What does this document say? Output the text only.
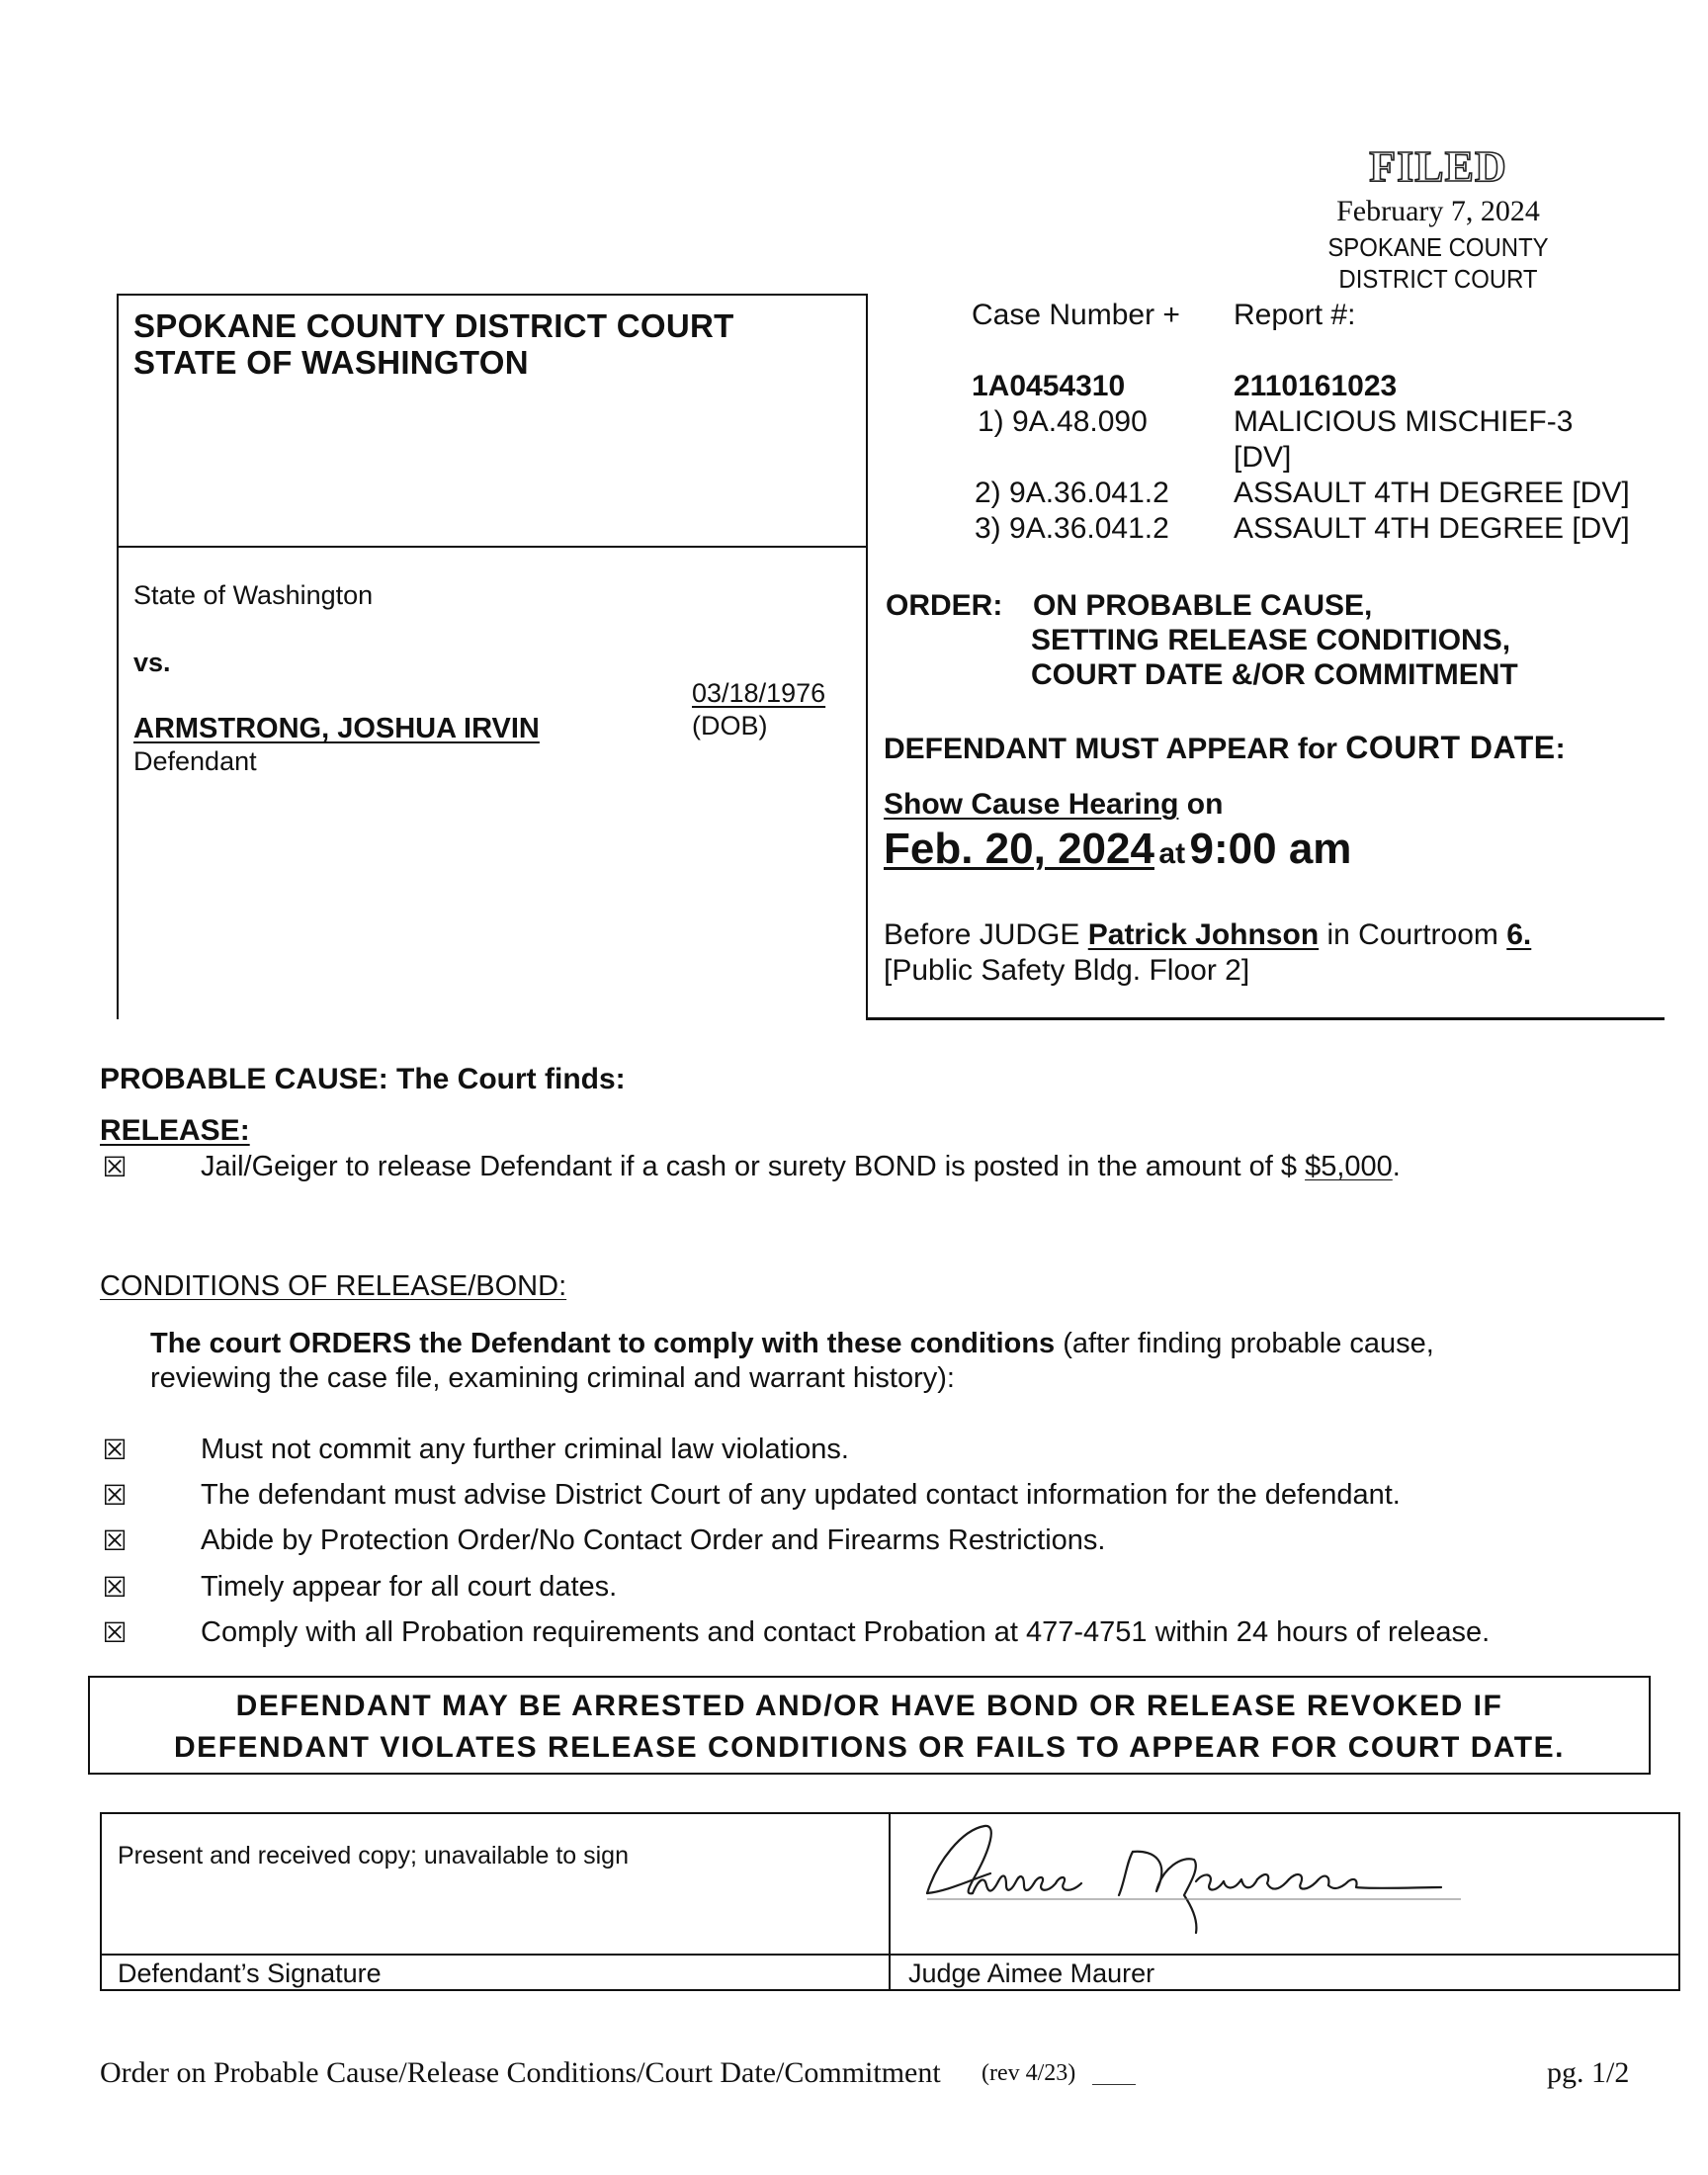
FILED
February 7, 2024
SPOKANE COUNTY
DISTRICT COURT
SPOKANE COUNTY DISTRICT COURT
STATE OF WASHINGTON
State of Washington
vs.
ARMSTRONG, JOSHUA IRVIN
Defendant
03/18/1976
(DOB)
Case Number + Report #:
1A0454310	2110161023
1) 9A.48.090	MALICIOUS MISCHIEF-3
[DV]
2) 9A.36.041.2 ASSAULT 4TH DEGREE [DV]
3) 9A.36.041.2 ASSAULT 4TH DEGREE [DV]
ORDER: ON PROBABLE CAUSE,
SETTING RELEASE CONDITIONS,
COURT DATE &/OR COMMITMENT
DEFENDANT MUST APPEAR for COURT DATE:
Show Cause Hearing on
Feb. 20, 2024 at 9:00 am
Before JUDGE Patrick Johnson in Courtroom 6.
[Public Safety Bldg. Floor 2]
PROBABLE CAUSE: The Court finds:
RELEASE:
☒	Jail/Geiger to release Defendant if a cash or surety BOND is posted in the amount of $ $5,000.
CONDITIONS OF RELEASE/BOND:
The court ORDERS the Defendant to comply with these conditions (after finding probable cause,
reviewing the case file, examining criminal and warrant history):
☒	Must not commit any further criminal law violations.
☒	The defendant must advise District Court of any updated contact information for the defendant.
☒	Abide by Protection Order/No Contact Order and Firearms Restrictions.
☒	Timely appear for all court dates.
☒	Comply with all Probation requirements and contact Probation at 477-4751 within 24 hours of release.
DEFENDANT MAY BE ARRESTED AND/OR HAVE BOND OR RELEASE REVOKED IF
DEFENDANT VIOLATES RELEASE CONDITIONS OR FAILS TO APPEAR FOR COURT DATE.
Present and received copy; unavailable to sign
Defendant’s Signature	Judge Aimee Maurer
Order on Probable Cause/Release Conditions/Court Date/Commitment (rev 4/23)	pg. 1/2
